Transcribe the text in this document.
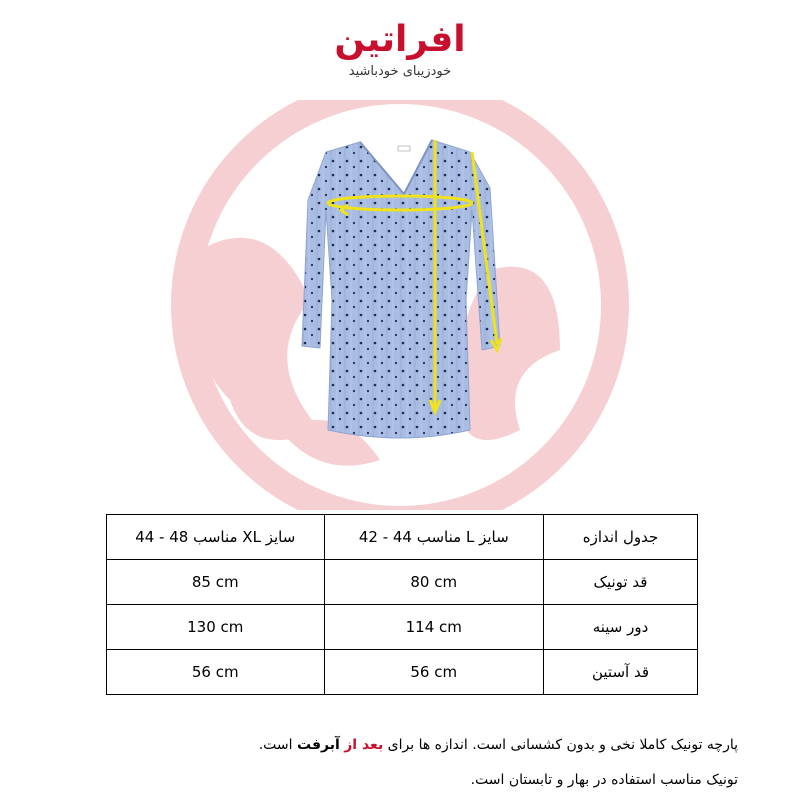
افراتین
خودزیبای خودباشید
سایز XL مناسب 48 - 44	سایز L مناسب 44 - 42	جدول اندازه
85 cm	80 cm	قد تونیک
130 cm	114 cm	دور سینه
56 cm	56 cm	قد آستین
پارچه تونیک کاملا نخی و بدون کشسانی است. اندازه ها برای بعد از آبرفت است.
تونیک مناسب استفاده در بهار و تابستان است.
